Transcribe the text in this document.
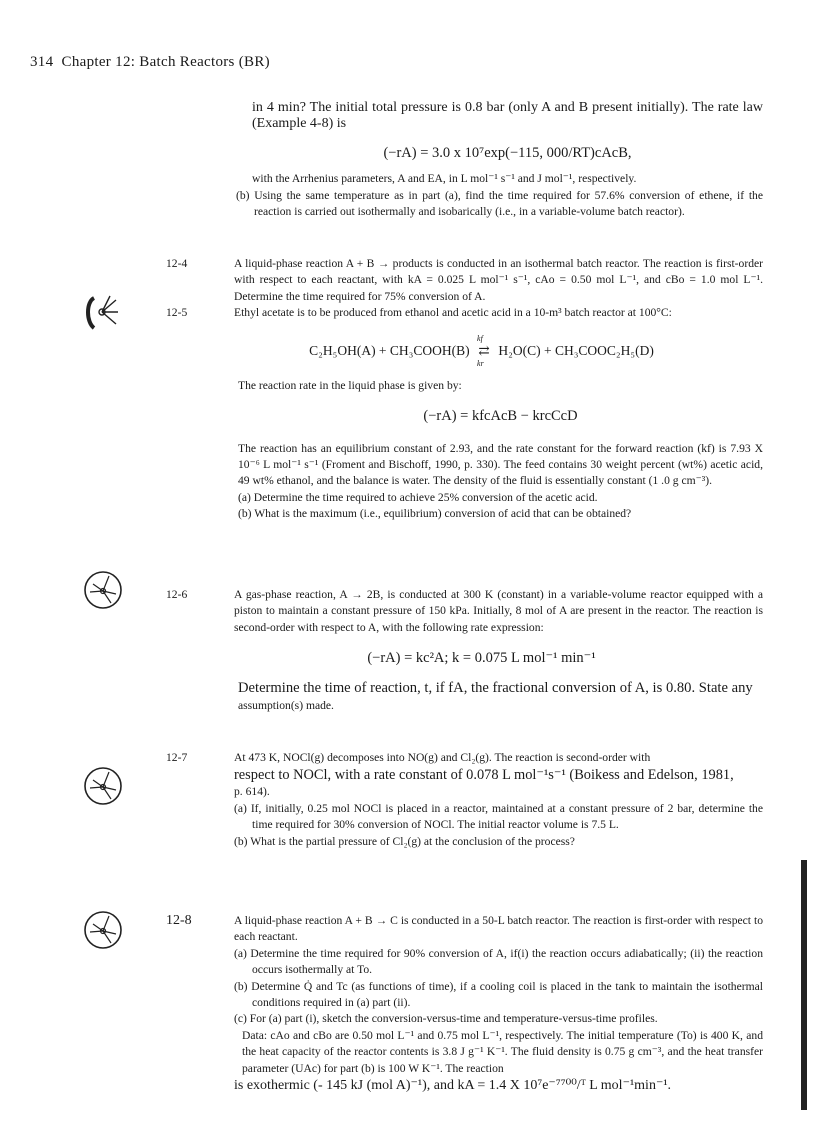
314 Chapter 12: Batch Reactors (BR)

in 4 min? The initial total pressure is 0.8 bar (only A and B present initially). The rate law (Example 4-8) is

(−rA) = 3.0 x 10⁷exp(−115, 000/RT)cAcB,

with the Arrhenius parameters, A and EA, in L mol⁻¹ s⁻¹ and J mol⁻¹, respectively.

(b) Using the same temperature as in part (a), find the time required for 57.6% conversion of ethene, if the reaction is carried out isothermally and isobarically (i.e., in a variable-volume batch reactor).

12-4	A liquid-phase reaction A + B → products is conducted in an isothermal batch reactor. The reaction is first-order with respect to each reactant, with kA = 0.025 L mol⁻¹ s⁻¹, cAo = 0.50 mol L⁻¹, and cBo = 1.0 mol L⁻¹. Determine the time required for 75% conversion of A.

12-5	Ethyl acetate is to be produced from ethanol and acetic acid in a 10-m³ batch reactor at 100°C:

C₂H₅OH(A) + CH₃COOH(B)
kf
⇄
kr
H₂O(C) + CH₃COOC₂H₅(D)

The reaction rate in the liquid phase is given by:

(−rA) = kfcAcB − krcCcD

The reaction has an equilibrium constant of 2.93, and the rate constant for the forward reaction (kf) is 7.93 X 10⁻⁶ L mol⁻¹ s⁻¹ (Froment and Bischoff, 1990, p. 330). The feed contains 30 weight percent (wt%) acetic acid, 49 wt% ethanol, and the balance is water. The density of the fluid is essentially constant (1 .0 g cm⁻³).

(a) Determine the time required to achieve 25% conversion of the acetic acid.

(b) What is the maximum (i.e., equilibrium) conversion of acid that can be obtained?

12-6	A gas-phase reaction, A → 2B, is conducted at 300 K (constant) in a variable-volume reactor equipped with a piston to maintain a constant pressure of 150 kPa. Initially, 8 mol of A are present in the reactor. The reaction is second-order with respect to A, with the following rate expression:

(−rA) = kc²A; k = 0.075 L mol⁻¹ min⁻¹

Determine the time of reaction, t, if fA, the fractional conversion of A, is 0.80. State any

assumption(s) made.

12-7	At 473 K, NOCl(g) decomposes into NO(g) and Cl₂(g). The reaction is second-order with

respect to NOCl, with a rate constant of 0.078 L mol⁻¹s⁻¹ (Boikess and Edelson, 1981,

p. 614).

(a) If, initially, 0.25 mol NOCl is placed in a reactor, maintained at a constant pressure of 2 bar, determine the time required for 30% conversion of NOCl. The initial reactor volume is 7.5 L.

(b) What is the partial pressure of Cl₂(g) at the conclusion of the process?

12-8	A liquid-phase reaction A + B → C is conducted in a 50-L batch reactor. The reaction is first-order with respect to each reactant.

(a) Determine the time required for 90% conversion of A, if(i) the reaction occurs adiabatically; (ii) the reaction occurs isothermally at To.

(b) Determine Q̇ and Tc (as functions of time), if a cooling coil is placed in the tank to maintain the isothermal conditions required in (a) part (ii).

(c) For (a) part (i), sketch the conversion-versus-time and temperature-versus-time profiles.

Data: cAo and cBo are 0.50 mol L⁻¹ and 0.75 mol L⁻¹, respectively. The initial temperature (To) is 400 K, and the heat capacity of the reactor contents is 3.8 J g⁻¹ K⁻¹. The fluid density is 0.75 g cm⁻³, and the heat transfer parameter (UAc) for part (b) is 100 W K⁻¹. The reaction

is exothermic (- 145 kJ (mol A)⁻¹), and kA = 1.4 X 10⁷e⁻⁷⁷⁰⁰/ᵀ L mol⁻¹min⁻¹.
